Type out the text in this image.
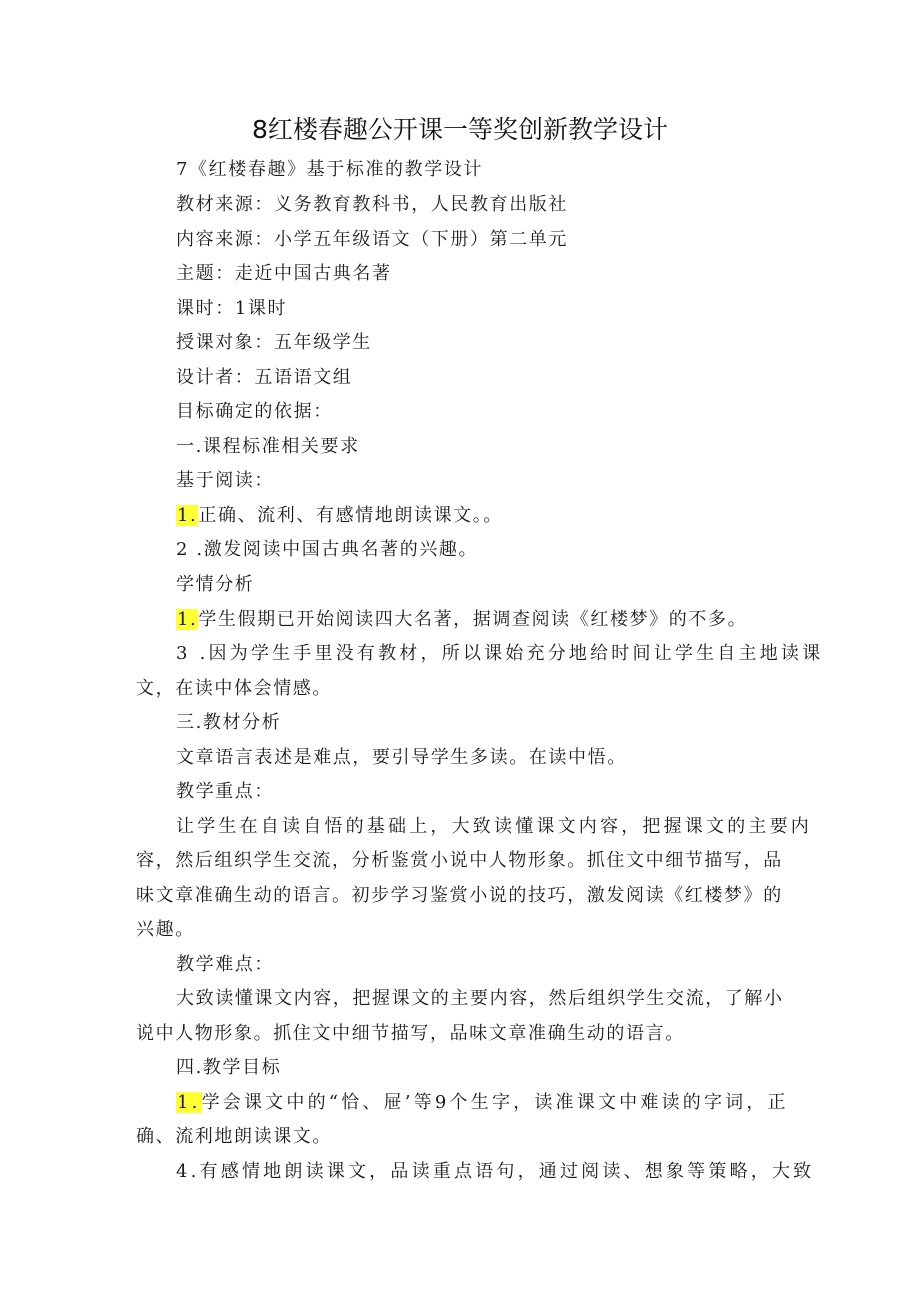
8红楼春趣公开课一等奖创新教学设计
7《红楼春趣》基于标准的教学设计
教材来源：义务教育教科书，人民教育出版社
内容来源：小学五年级语文（下册）第二单元
主题：走近中国古典名著
课时：1课时
授课对象：五年级学生
设计者：五语语文组
目标确定的依据：
一.课程标准相关要求
基于阅读：
1.正确、流利、有感情地朗读课文。。
2 .激发阅读中国古典名著的兴趣。
学情分析
1.学生假期已开始阅读四大名著，据调查阅读《红楼梦》的不多。
3 .因为学生手里没有教材，所以课始充分地给时间让学生自主地读课
文，在读中体会情感。
三.教材分析
文章语言表述是难点，要引导学生多读。在读中悟。
教学重点：
让学生在自读自悟的基础上，大致读懂课文内容，把握课文的主要内
容，然后组织学生交流，分析鉴赏小说中人物形象。抓住文中细节描写，品
味文章准确生动的语言。初步学习鉴赏小说的技巧，激发阅读《红楼梦》的
兴趣。
教学难点：
大致读懂课文内容，把握课文的主要内容，然后组织学生交流，了解小
说中人物形象。抓住文中细节描写，品味文章准确生动的语言。
四.教学目标
1.学会课文中的“恰、屉’等9个生字，读准课文中难读的字词，正
确、流利地朗读课文。
4.有感情地朗读课文，品读重点语句，通过阅读、想象等策略，大致
